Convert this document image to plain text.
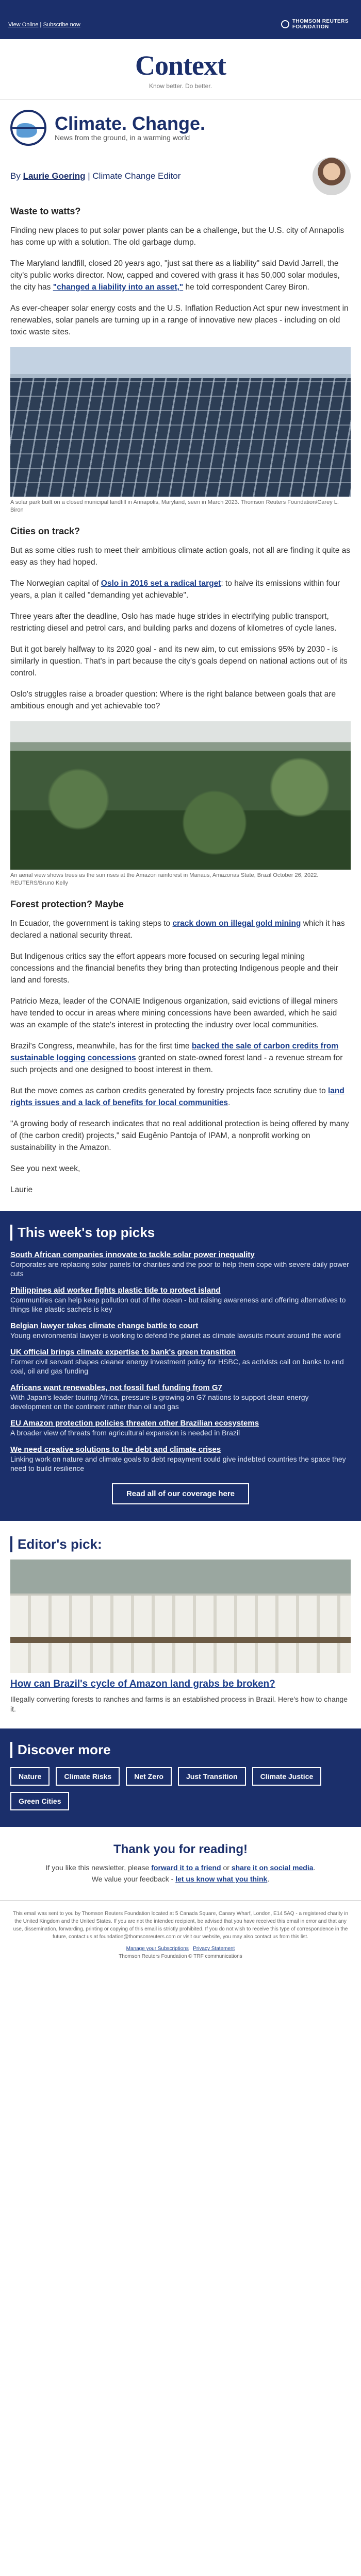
View Online | Subscribe now
THOMSON REUTERS
FOUNDATION
Context
Know better. Do better.
Climate. Change.

News from the ground, in a warming world

By Laurie Goering | Climate Change Editor
Waste to watts?

Finding new places to put solar power plants can be a challenge, but the U.S. city of Annapolis has come up with a solution. The old garbage dump.

The Maryland landfill, closed 20 years ago, "just sat there as a liability" said David Jarrell, the city's public works director. Now, capped and covered with grass it has 50,000 solar modules, the city has "changed a liability into an asset," he told correspondent Carey Biron.

As ever-cheaper solar energy costs and the U.S. Inflation Reduction Act spur new investment in renewables, solar panels are turning up in a range of innovative new places - including on old toxic waste sites.

A solar park built on a closed municipal landfill in Annapolis, Maryland, seen in March 2023. Thomson Reuters Foundation/Carey L. Biron
Cities on track?

But as some cities rush to meet their ambitious climate action goals, not all are finding it quite as easy as they had hoped.

The Norwegian capital of Oslo in 2016 set a radical target: to halve its emissions within four years, a plan it called "demanding yet achievable".

Three years after the deadline, Oslo has made huge strides in electrifying public transport, restricting diesel and petrol cars, and building parks and dozens of kilometres of cycle lanes.

But it got barely halfway to its 2020 goal - and its new aim, to cut emissions 95% by 2030 - is similarly in question. That's in part because the city's goals depend on national actions out of its control.

Oslo's struggles raise a broader question: Where is the right balance between goals that are ambitious enough and yet achievable too?

An aerial view shows trees as the sun rises at the Amazon rainforest in Manaus, Amazonas State, Brazil October 26, 2022. REUTERS/Bruno Kelly
Forest protection? Maybe

In Ecuador, the government is taking steps to crack down on illegal gold mining which it has declared a national security threat.

But Indigenous critics say the effort appears more focused on securing legal mining concessions and the financial benefits they bring than protecting Indigenous people and their land and forests.

Patricio Meza, leader of the CONAIE Indigenous organization, said evictions of illegal miners have tended to occur in areas where mining concessions have been awarded, which he said was an example of the state's interest in protecting the industry over local communities.

Brazil's Congress, meanwhile, has for the first time backed the sale of carbon credits from sustainable logging concessions granted on state-owned forest land - a revenue stream for such projects and one designed to boost interest in them.

But the move comes as carbon credits generated by forestry projects face scrutiny due to land rights issues and a lack of benefits for local communities.

"A growing body of research indicates that no real additional protection is being offered by many of (the carbon credit) projects," said Eugênio Pantoja of IPAM, a nonprofit working on sustainability in the Amazon.

See you next week,

Laurie

This week's top picks
South African companies innovate to tackle solar power inequality
Corporates are replacing solar panels for charities and the poor to help them cope with severe daily power cuts
Philippines aid worker fights plastic tide to protect island
Communities can help keep pollution out of the ocean - but raising awareness and offering alternatives to things like plastic sachets is key
Belgian lawyer takes climate change battle to court
Young environmental lawyer is working to defend the planet as climate lawsuits mount around the world
UK official brings climate expertise to bank's green transition
Former civil servant shapes cleaner energy investment policy for HSBC, as activists call on banks to end coal, oil and gas funding
Africans want renewables, not fossil fuel funding from G7
With Japan's leader touring Africa, pressure is growing on G7 nations to support clean energy development on the continent rather than oil and gas
EU Amazon protection policies threaten other Brazilian ecosystems
A broader view of threats from agricultural expansion is needed in Brazil
We need creative solutions to the debt and climate crises
Linking work on nature and climate goals to debt repayment could give indebted countries the space they need to build resilience
Read all of our coverage here
Editor's pick:
How can Brazil's cycle of Amazon land grabs be broken?
Illegally converting forests to ranches and farms is an established process in Brazil. Here's how to change it.
Discover more
Nature	Climate Risks	Net Zero	Just Transition	Climate Justice
Green Cities
Thank you for reading!

If you like this newsletter, please forward it to a friend or share it on social media.

We value your feedback - let us know what you think.

This email was sent to you by Thomson Reuters Foundation located at 5 Canada Square, Canary Wharf, London, E14 5AQ - a registered charity in the United Kingdom and the United States. If you are not the intended recipient, be advised that you have received this email in error and that any use, dissemination, forwarding, printing or copying of this email is strictly prohibited. If you do not wish to receive this type of correspondence in the future, contact us at foundation@thomsonreuters.com or visit our website, you may also contact us from this list.

Manage your Subscriptions Privacy Statement

Thomson Reuters Foundation © TRF communications
